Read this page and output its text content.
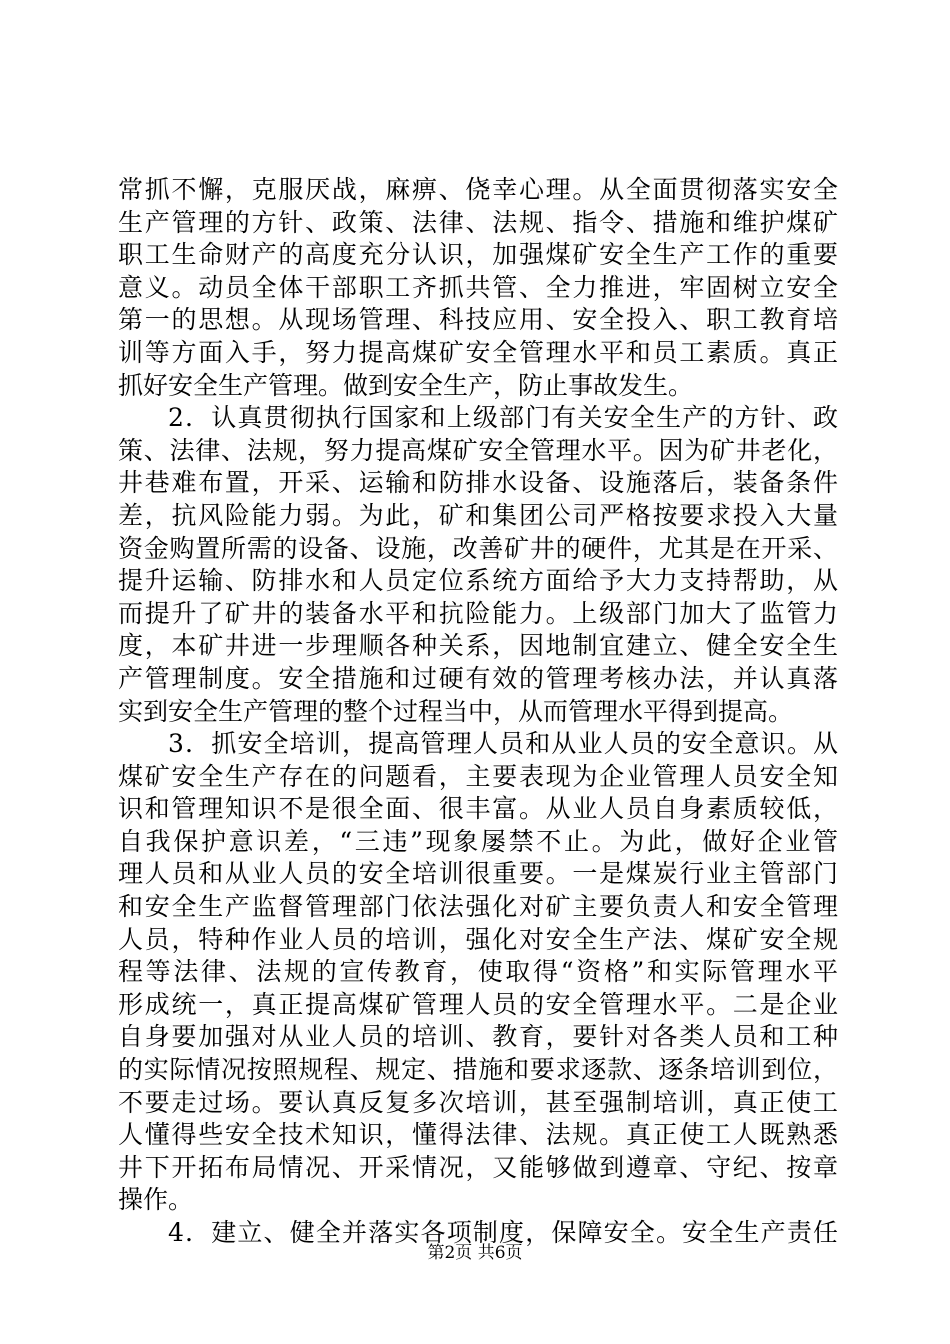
常抓不懈，克服厌战，麻痹、侥幸心理。从全面贯彻落实安全
生产管理的方针、政策、法律、法规、指令、措施和维护煤矿
职工生命财产的高度充分认识，加强煤矿安全生产工作的重要
意义。动员全体干部职工齐抓共管、全力推进，牢固树立安全
第一的思想。从现场管理、科技应用、安全投入、职工教育培
训等方面入手，努力提高煤矿安全管理水平和员工素质。真正
抓好安全生产管理。做到安全生产，防止事故发生。
2．认真贯彻执行国家和上级部门有关安全生产的方针、政
策、法律、法规，努力提高煤矿安全管理水平。因为矿井老化，
井巷难布置，开采、运输和防排水设备、设施落后，装备条件
差，抗风险能力弱。为此，矿和集团公司严格按要求投入大量
资金购置所需的设备、设施，改善矿井的硬件，尤其是在开采、
提升运输、防排水和人员定位系统方面给予大力支持帮助，从
而提升了矿井的装备水平和抗险能力。上级部门加大了监管力
度，本矿井进一步理顺各种关系，因地制宜建立、健全安全生
产管理制度。安全措施和过硬有效的管理考核办法，并认真落
实到安全生产管理的整个过程当中，从而管理水平得到提高。
3．抓安全培训，提高管理人员和从业人员的安全意识。从
煤矿安全生产存在的问题看，主要表现为企业管理人员安全知
识和管理知识不是很全面、很丰富。从业人员自身素质较低，
自我保护意识差，“三违”现象屡禁不止。为此，做好企业管
理人员和从业人员的安全培训很重要。一是煤炭行业主管部门
和安全生产监督管理部门依法强化对矿主要负责人和安全管理
人员，特种作业人员的培训，强化对安全生产法、煤矿安全规
程等法律、法规的宣传教育，使取得“资格”和实际管理水平
形成统一，真正提高煤矿管理人员的安全管理水平。二是企业
自身要加强对从业人员的培训、教育，要针对各类人员和工种
的实际情况按照规程、规定、措施和要求逐款、逐条培训到位，
不要走过场。要认真反复多次培训，甚至强制培训，真正使工
人懂得些安全技术知识，懂得法律、法规。真正使工人既熟悉
井下开拓布局情况、开采情况，又能够做到遵章、守纪、按章
操作。
4．建立、健全并落实各项制度，保障安全。安全生产责任
第2页 共6页
